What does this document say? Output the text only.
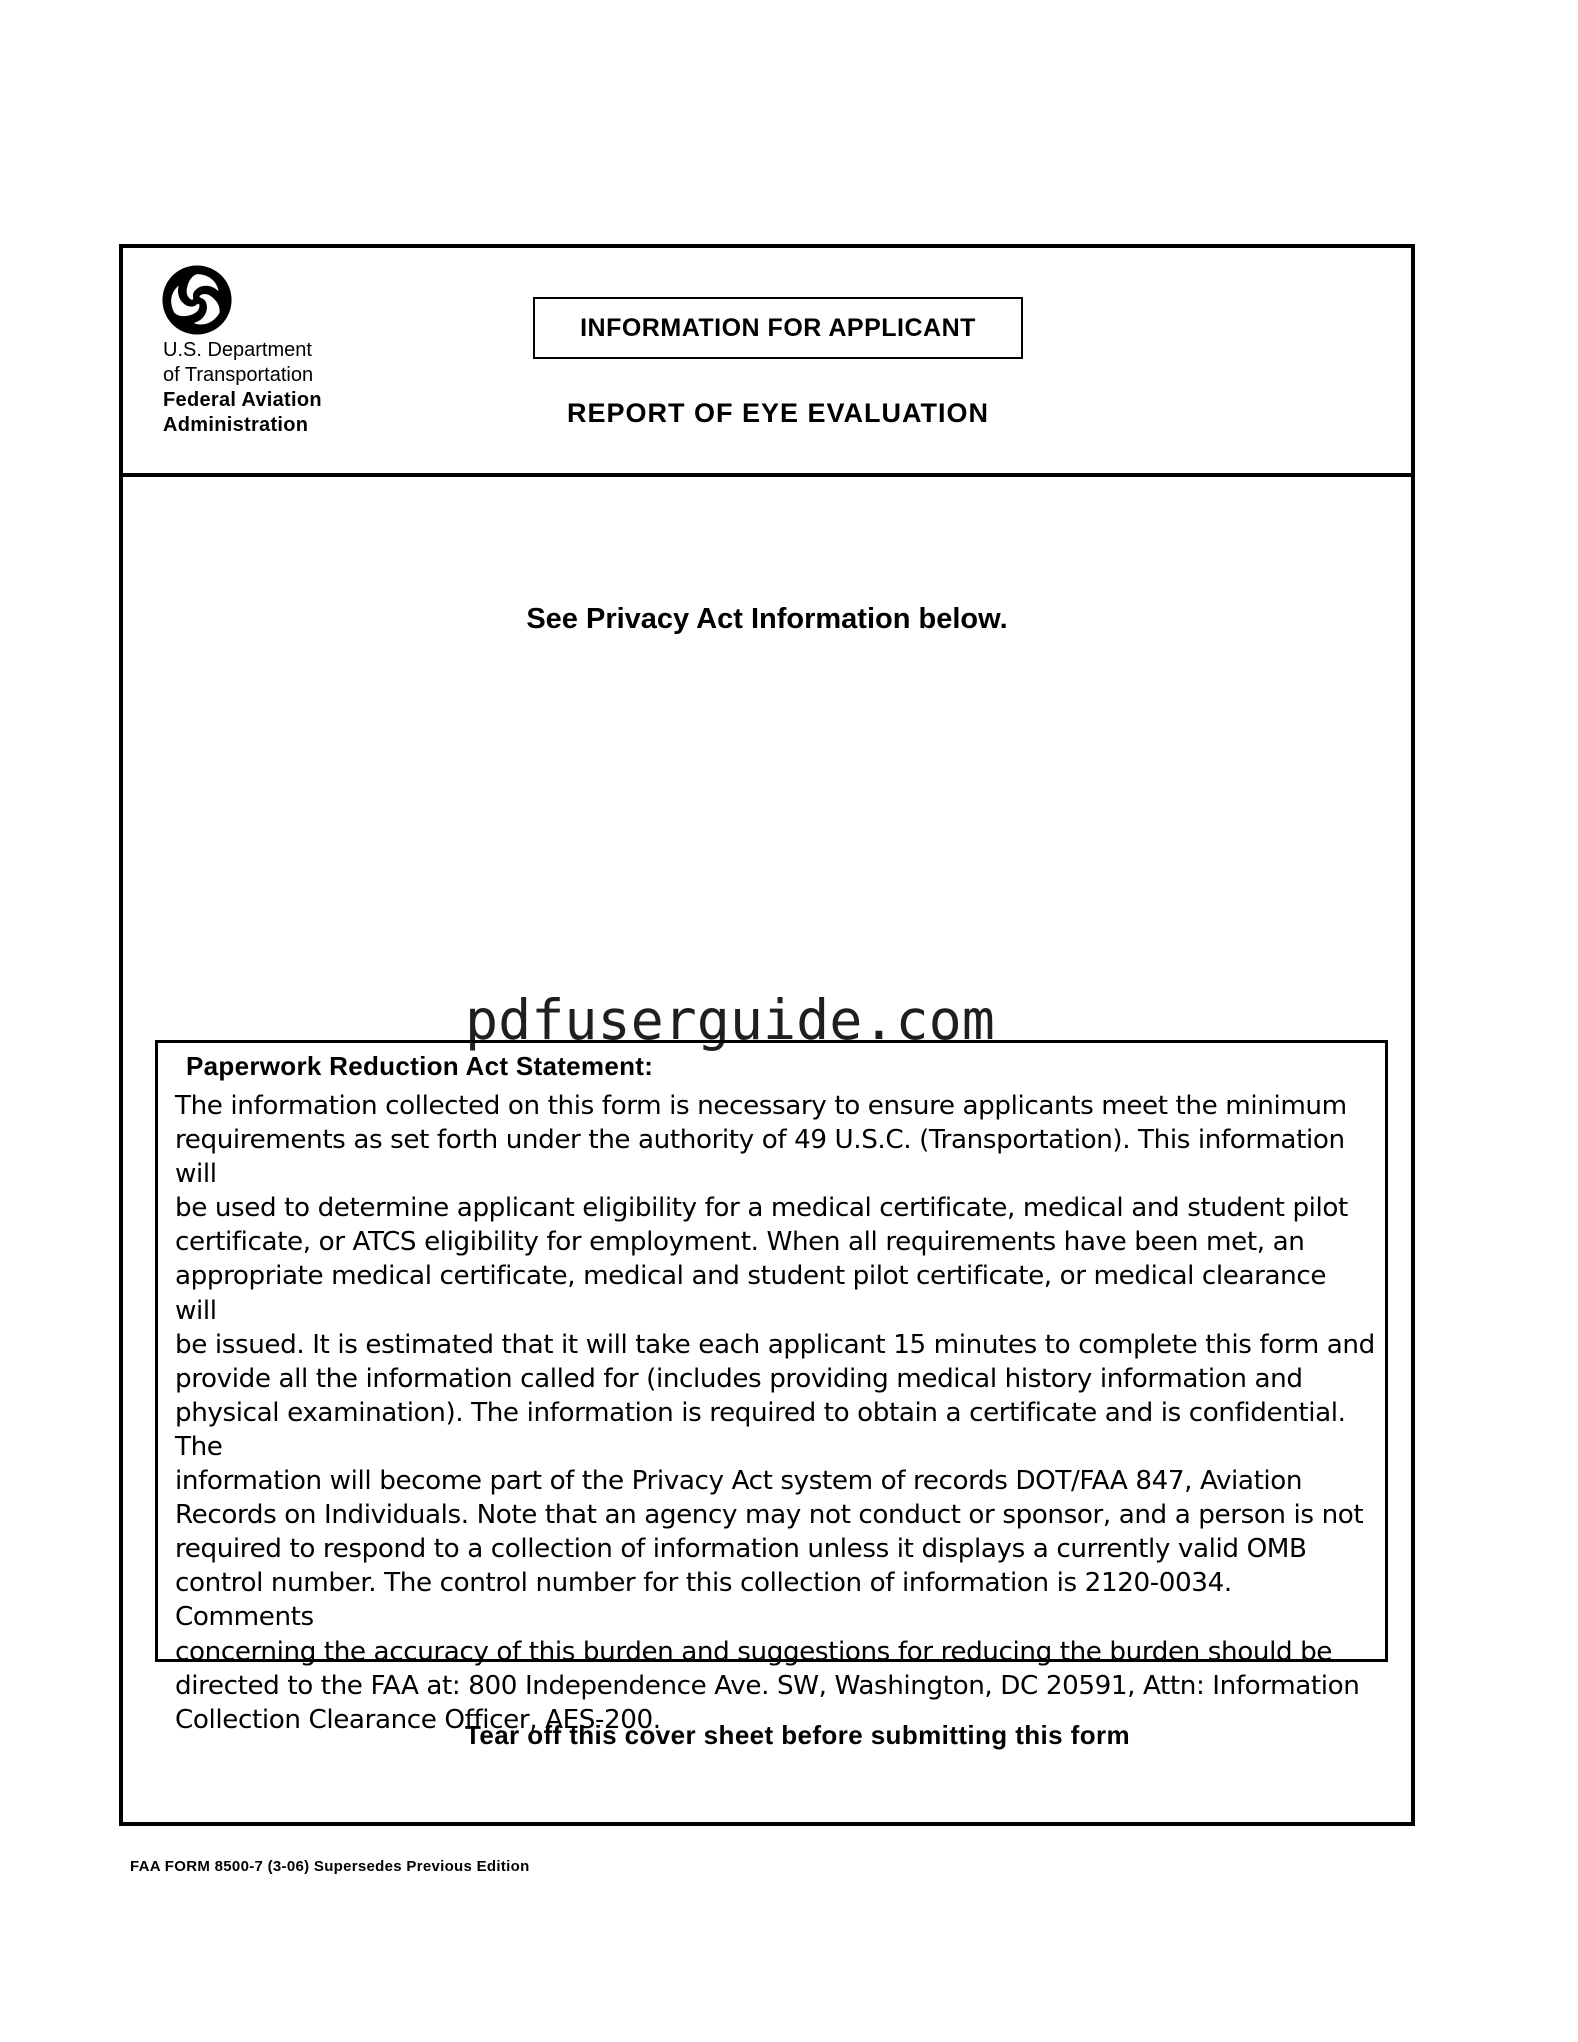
U.S. Department
of Transportation
Federal Aviation
Administration
INFORMATION FOR APPLICANT
REPORT OF EYE EVALUATION
See Privacy Act Information below.
pdfuserguide.com
Paperwork Reduction Act Statement:
The information collected on this form is necessary to ensure applicants meet the minimum
requirements as set forth under the authority of 49 U.S.C. (Transportation). This information will
be used to determine applicant eligibility for a medical certificate, medical and student pilot
certificate, or ATCS eligibility for employment. When all requirements have been met, an
appropriate medical certificate, medical and student pilot certificate, or medical clearance will
be issued. It is estimated that it will take each applicant 15 minutes to complete this form and
provide all the information called for (includes providing medical history information and
physical examination). The information is required to obtain a certificate and is confidential. The
information will become part of the Privacy Act system of records DOT/FAA 847, Aviation
Records on Individuals. Note that an agency may not conduct or sponsor, and a person is not
required to respond to a collection of information unless it displays a currently valid OMB
control number. The control number for this collection of information is 2120-0034. Comments
concerning the accuracy of this burden and suggestions for reducing the burden should be
directed to the FAA at: 800 Independence Ave. SW, Washington, DC 20591, Attn: Information
Collection Clearance Officer, AES-200.
Tear off this cover sheet before submitting this form
FAA FORM 8500-7 (3-06) Supersedes Previous Edition
